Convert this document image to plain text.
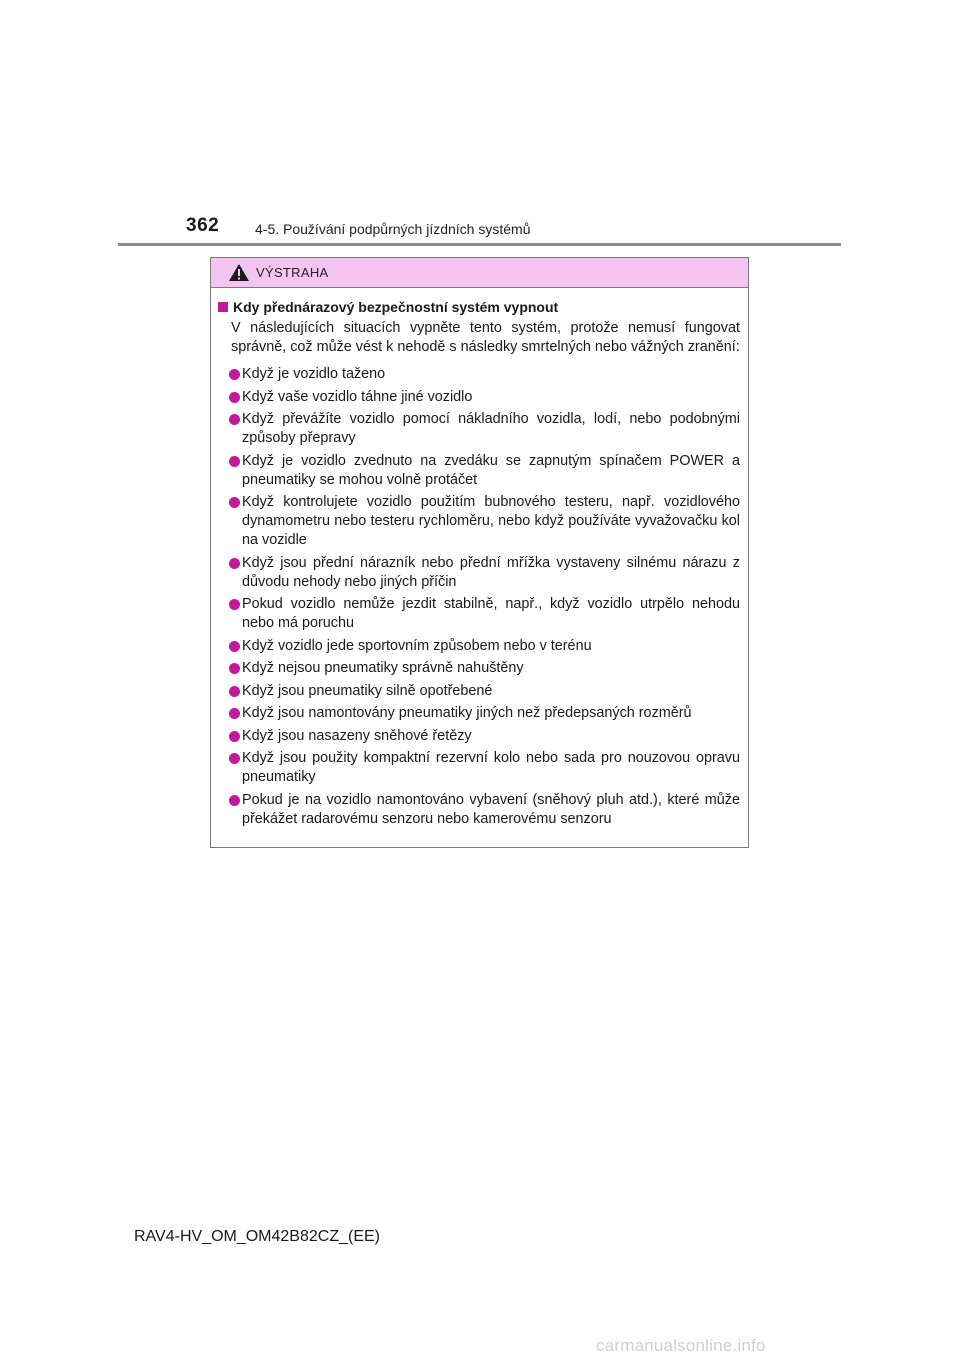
362	4-5. Používání podpůrných jízdních systémů
VÝSTRAHA
Kdy přednárazový bezpečnostní systém vypnout
V následujících situacích vypněte tento systém, protože nemusí fungovat správně, což může vést k nehodě s následky smrtelných nebo vážných zranění:
Když je vozidlo taženo
Když vaše vozidlo táhne jiné vozidlo
Když převážíte vozidlo pomocí nákladního vozidla, lodí, nebo podobnými způsoby přepravy
Když je vozidlo zvednuto na zvedáku se zapnutým spínačem POWER a pneumatiky se mohou volně protáčet
Když kontrolujete vozidlo použitím bubnového testeru, např. vozidlového dynamometru nebo testeru rychloměru, nebo když používáte vyvažovačku kol na vozidle
Když jsou přední nárazník nebo přední mřížka vystaveny silnému nárazu z důvodu nehody nebo jiných příčin
Pokud vozidlo nemůže jezdit stabilně, např., když vozidlo utrpělo nehodu nebo má poruchu
Když vozidlo jede sportovním způsobem nebo v terénu
Když nejsou pneumatiky správně nahuštěny
Když jsou pneumatiky silně opotřebené
Když jsou namontovány pneumatiky jiných než předepsaných rozměrů
Když jsou nasazeny sněhové řetězy
Když jsou použity kompaktní rezervní kolo nebo sada pro nouzovou opravu pneumatiky
Pokud je na vozidlo namontováno vybavení (sněhový pluh atd.), které může překážet radarovému senzoru nebo kamerovému senzoru
RAV4-HV_OM_OM42B82CZ_(EE)
carmanualsonline.info
